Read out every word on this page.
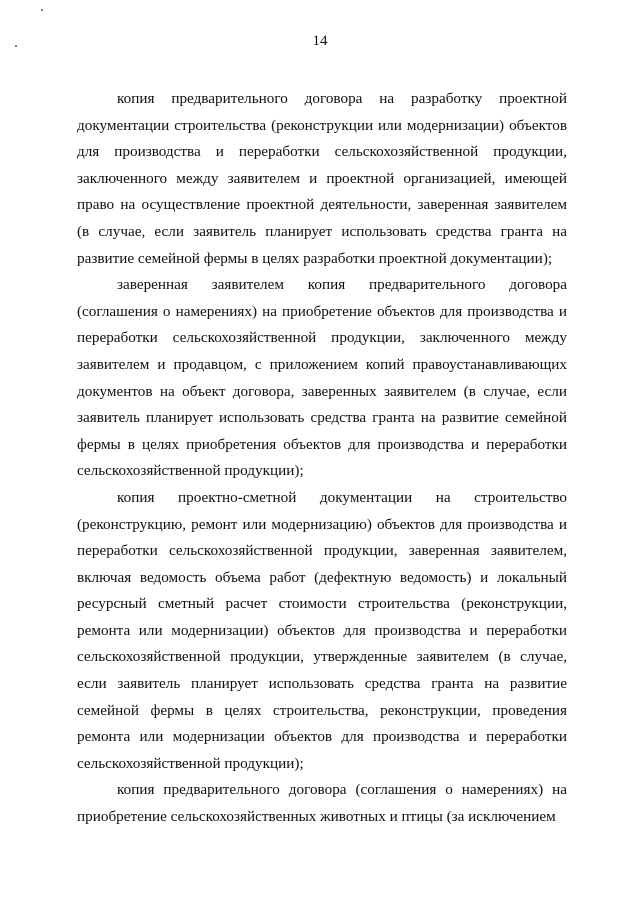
14

копия предварительного договора на разработку проектной документации строительства (реконструкции или модернизации) объектов для производства и переработки сельскохозяйственной продукции, заключенного между заявителем и проектной организацией, имеющей право на осуществление проектной деятельности, заверенная заявителем (в случае, если заявитель планирует использовать средства гранта на развитие семейной фермы в целях разработки проектной документации);

заверенная заявителем копия предварительного договора (соглашения о намерениях) на приобретение объектов для производства и переработки сельскохозяйственной продукции, заключенного между заявителем и продавцом, с приложением копий правоустанавливающих документов на объект договора, заверенных заявителем (в случае, если заявитель планирует использовать средства гранта на развитие семейной фермы в целях приобретения объектов для производства и переработки сельскохозяйственной продукции);

копия проектно-сметной документации на строительство (реконструкцию, ремонт или модернизацию) объектов для производства и переработки сельскохозяйственной продукции, заверенная заявителем, включая ведомость объема работ (дефектную ведомость) и локальный ресурсный сметный расчет стоимости строительства (реконструкции, ремонта или модернизации) объектов для производства и переработки сельскохозяйственной продукции, утвержденные заявителем (в случае, если заявитель планирует использовать средства гранта на развитие семейной фермы в целях строительства, реконструкции, проведения ремонта или модернизации объектов для производства и переработки сельскохозяйственной продукции);

копия предварительного договора (соглашения о намерениях) на приобретение сельскохозяйственных животных и птицы (за исключением
